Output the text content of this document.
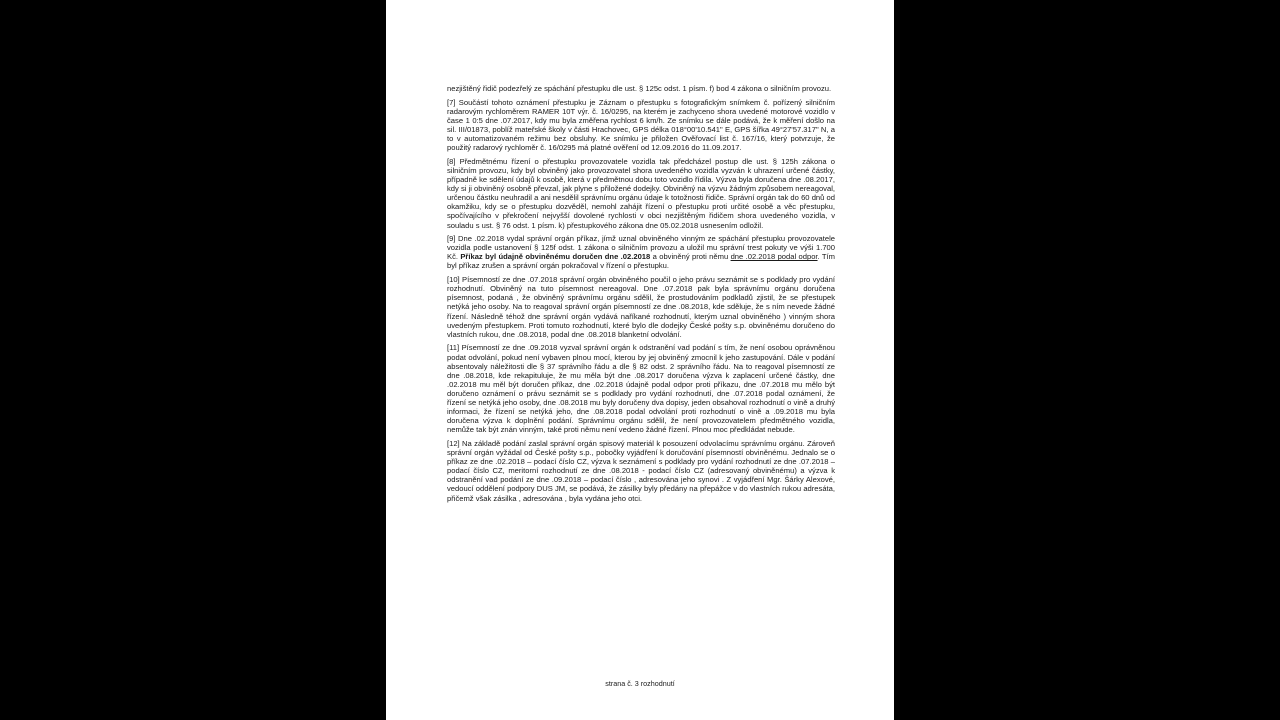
nezjištěný řidič podezřelý ze spáchání přestupku dle ust. § 125c odst. 1 písm. f) bod 4 zákona o silničním provozu.

[7] Součástí tohoto oznámení přestupku je Záznam o přestupku s fotografickým snímkem č. pořízený silničním radarovým rychloměrem RAMER 10T výr. č. 16/0295, na kterém je zachyceno shora uvedené motorové vozidlo v čase 1 0:5 dne .07.2017, kdy mu byla změřena rychlost 6 km/h. Ze snímku se dále podává, že k měření došlo na sil. III/01873, poblíž mateřské školy v části Hrachovec, GPS délka 018°00'10.541" E, GPS šířka 49°27'57.317" N, a to v automatizovaném režimu bez obsluhy. Ke snímku je přiložen Ověřovací list č. 167/16, který potvrzuje, že použitý radarový rychloměr č. 16/0295 má platné ověření od 12.09.2016 do 11.09.2017.

[8] Předmětnému řízení o přestupku provozovatele vozidla tak předcházel postup dle ust. § 125h zákona o silničním provozu, kdy byl obviněný jako provozovatel shora uvedeného vozidla vyzván k uhrazení určené částky, případně ke sdělení údajů k osobě, která v předmětnou dobu toto vozidlo řídila. Výzva byla doručena dne .08.2017, kdy si ji obviněný osobně převzal, jak plyne s přiložené dodejky. Obviněný na výzvu žádným způsobem nereagoval, určenou částku neuhradil a ani nesdělil správnímu orgánu údaje k totožnosti řidiče. Správní orgán tak do 60 dnů od okamžiku, kdy se o přestupku dozvěděl, nemohl zahájit řízení o přestupku proti určité osobě a věc přestupku, spočívajícího v překročení nejvyšší dovolené rychlosti v obci nezjištěným řidičem shora uvedeného vozidla, v souladu s ust. § 76 odst. 1 písm. k) přestupkového zákona dne 05.02.2018 usnesením odložil.

[9] Dne .02.2018 vydal správní orgán příkaz, jímž uznal obviněného vinným ze spáchání přestupku provozovatele vozidla podle ustanovení § 125f odst. 1 zákona o silničním provozu a uložil mu správní trest pokuty ve výši 1.700 Kč. Příkaz byl údajně obviněnému doručen dne .02.2018 a obviněný proti němu dne .02.2018 podal odpor. Tím byl příkaz zrušen a správní orgán pokračoval v řízení o přestupku.

[10] Písemností ze dne .07.2018 správní orgán obviněného poučil o jeho právu seznámit se s podklady pro vydání rozhodnutí. Obviněný na tuto písemnost nereagoval. Dne .07.2018 pak byla správnímu orgánu doručena písemnost, podaná , že obviněný správnímu orgánu sdělil, že prostudováním podkladů zjistil, že se přestupek netýká jeho osoby. Na to reagoval správní orgán písemností ze dne .08.2018, kde sděluje, že s ním nevede žádné řízení. Následně téhož dne správní orgán vydává naříkané rozhodnutí, kterým uznal obviněného ) vinným shora uvedeným přestupkem. Proti tomuto rozhodnutí, které bylo dle dodejky České pošty s.p. obviněnému doručeno do vlastních rukou, dne .08.2018, podal dne .08.2018 blanketní odvolání.

[11] Písemností ze dne .09.2018 vyzval správní orgán k odstranění vad podání s tím, že není osobou oprávněnou podat odvolání, pokud není vybaven plnou mocí, kterou by jej obviněný zmocnil k jeho zastupování. Dále v podání absentovaly náležitosti dle § 37 správního řádu a dle § 82 odst. 2 správního řádu. Na to reagoval písemností ze dne .08.2018, kde rekapituluje, že mu měla být dne .08.2017 doručena výzva k zaplacení určené částky, dne .02.2018 mu měl být doručen příkaz, dne .02.2018 údajně podal odpor proti příkazu, dne .07.2018 mu mělo být doručeno oznámení o právu seznámit se s podklady pro vydání rozhodnutí, dne .07.2018 podal oznámení, že řízení se netýká jeho osoby, dne .08.2018 mu byly doručeny dva dopisy, jeden obsahoval rozhodnutí o vině a druhý informaci, že řízení se netýká jeho, dne .08.2018 podal odvolání proti rozhodnutí o vině a .09.2018 mu byla doručena výzva k doplnění podání. Správnímu orgánu sdělil, že není provozovatelem předmětného vozidla, nemůže tak být znán vinným, také proti němu není vedeno žádné řízení. Plnou moc předkládat nebude.

[12] Na základě podání zaslal správní orgán spisový materiál k posouzení odvolacímu správnímu orgánu. Zároveň správní orgán vyžádal od České pošty s.p., pobočky vyjádření k doručování písemností obviněnému. Jednalo se o příkaz ze dne .02.2018 – podací číslo CZ, výzva k seznámení s podklady pro vydání rozhodnutí ze dne .07.2018 – podací číslo CZ, meritorní rozhodnutí ze dne .08.2018 - podací číslo CZ (adresovaný obviněnému) a výzva k odstranění vad podání ze dne .09.2018 – podací číslo , adresována jeho synovi . Z vyjádření Mgr. Šárky Alexové, vedoucí oddělení podpory DUS JM, se podává, že zásilky byly předány na přepážce v do vlastních rukou adresáta, přičemž však zásilka , adresována , byla vydána jeho otci.

strana č. 3 rozhodnutí
